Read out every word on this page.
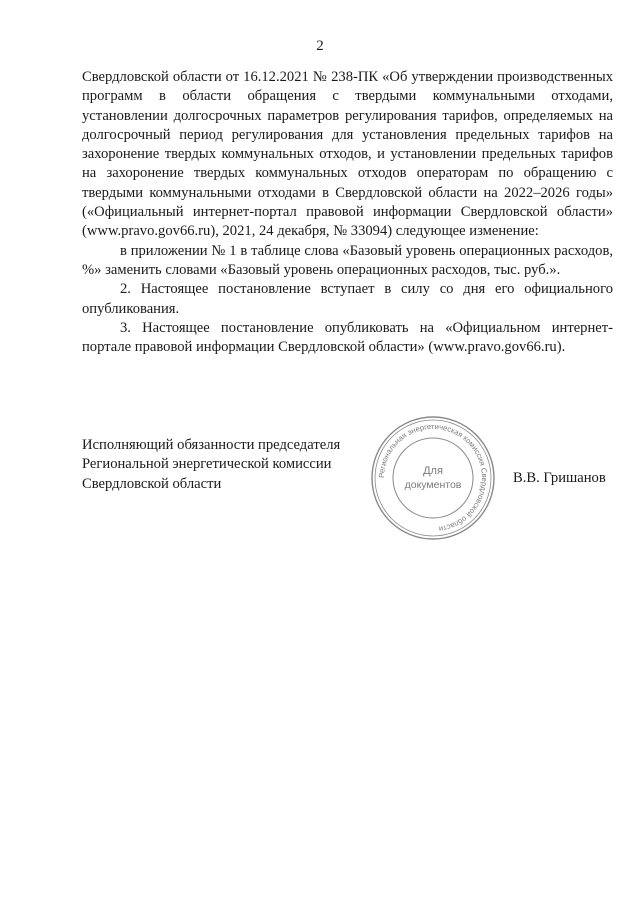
2

Свердловской области от 16.12.2021 № 238-ПК «Об утверждении производственных программ в области обращения с твердыми коммунальными отходами, установлении долгосрочных параметров регулирования тарифов, определяемых на долгосрочный период регулирования для установления предельных тарифов на захоронение твердых коммунальных отходов, и установлении предельных тарифов на захоронение твердых коммунальных отходов операторам по обращению с твердыми коммунальными отходами в Свердловской области на 2022–2026 годы» («Официальный интернет-портал правовой информации Свердловской области» (www.pravo.gov66.ru), 2021, 24 декабря, № 33094) следующее изменение:

в приложении № 1 в таблице слова «Базовый уровень операционных расходов, %» заменить словами «Базовый уровень операционных расходов, тыс. руб.».

2. Настоящее постановление вступает в силу со дня его официального опубликования.

3. Настоящее постановление опубликовать на «Официальном интернет-портале правовой информации Свердловской области» (www.pravo.gov66.ru).

Исполняющий обязанности председателя
Региональной энергетической комиссии
Свердловской области	В.В. Гришанов
Региональная энергетическая комиссия Свердловской области
Для
документов
